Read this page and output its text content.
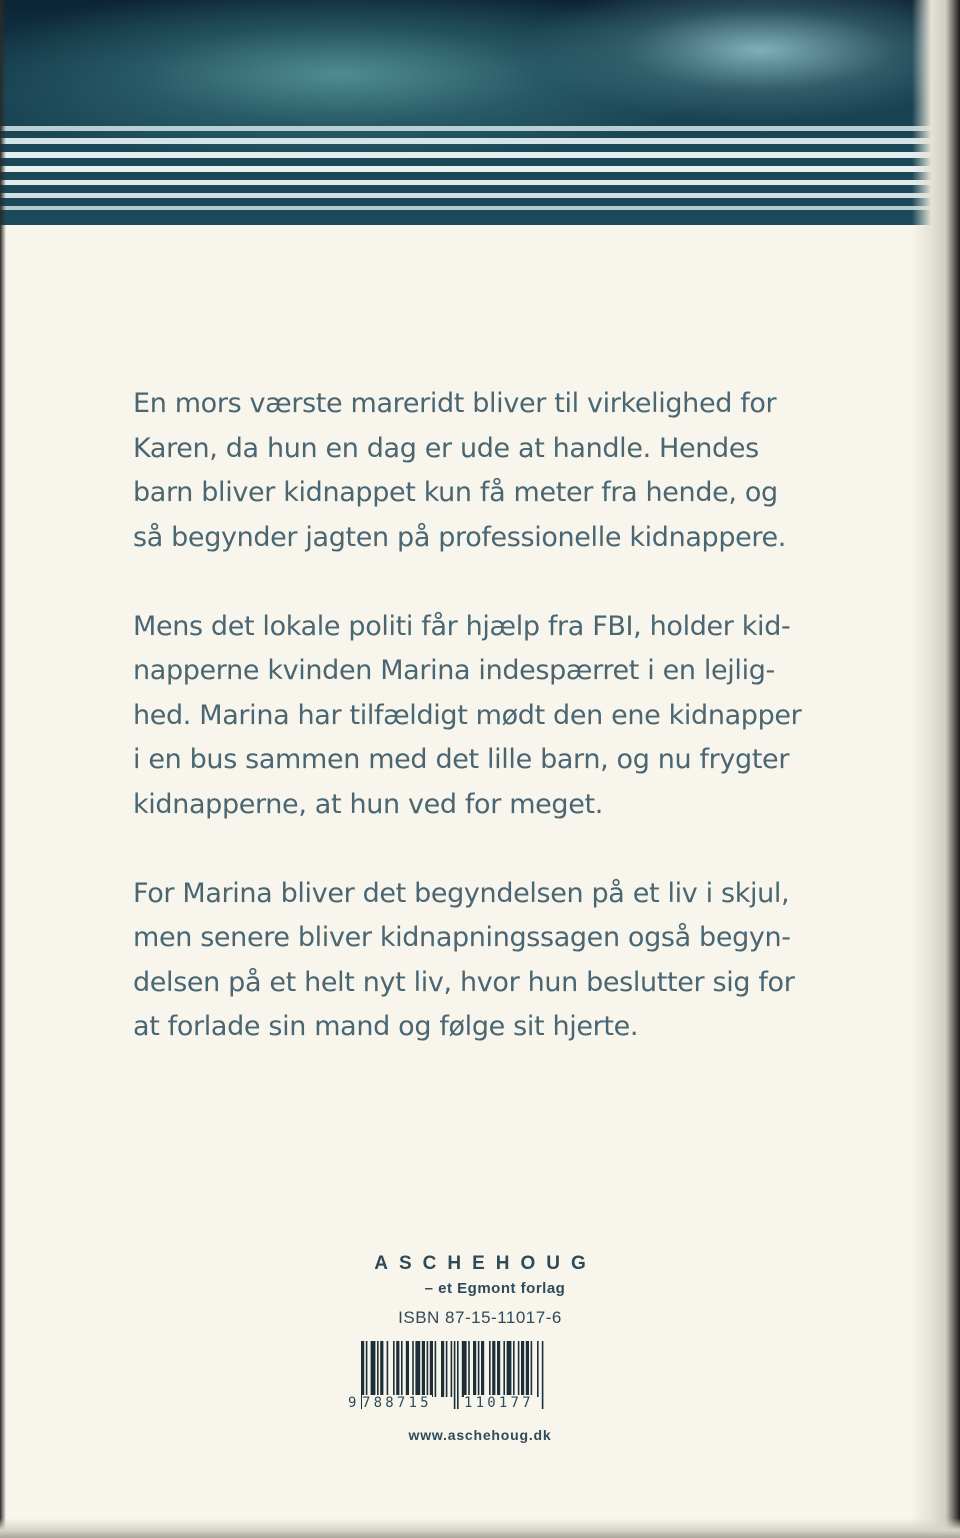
En mors værste mareridt bliver til virkelighed for
Karen, da hun en dag er ude at handle. Hendes
barn bliver kidnappet kun få meter fra hende, og
så begynder jagten på professionelle kidnappere.

Mens det lokale politi får hjælp fra FBI, holder kid-
napperne kvinden Marina indespærret i en lejlig-
hed. Marina har tilfældigt mødt den ene kidnapper
i en bus sammen med det lille barn, og nu frygter
kidnapperne, at hun ved for meget.

For Marina bliver det begyndelsen på et liv i skjul,
men senere bliver kidnapningssagen også begyn-
delsen på et helt nyt liv, hvor hun beslutter sig for
at forlade sin mand og følge sit hjerte.

ASCHEHOUG
– et Egmont forlag
ISBN 87-15-11017-6
9 788715 110177
www.aschehoug.dk
